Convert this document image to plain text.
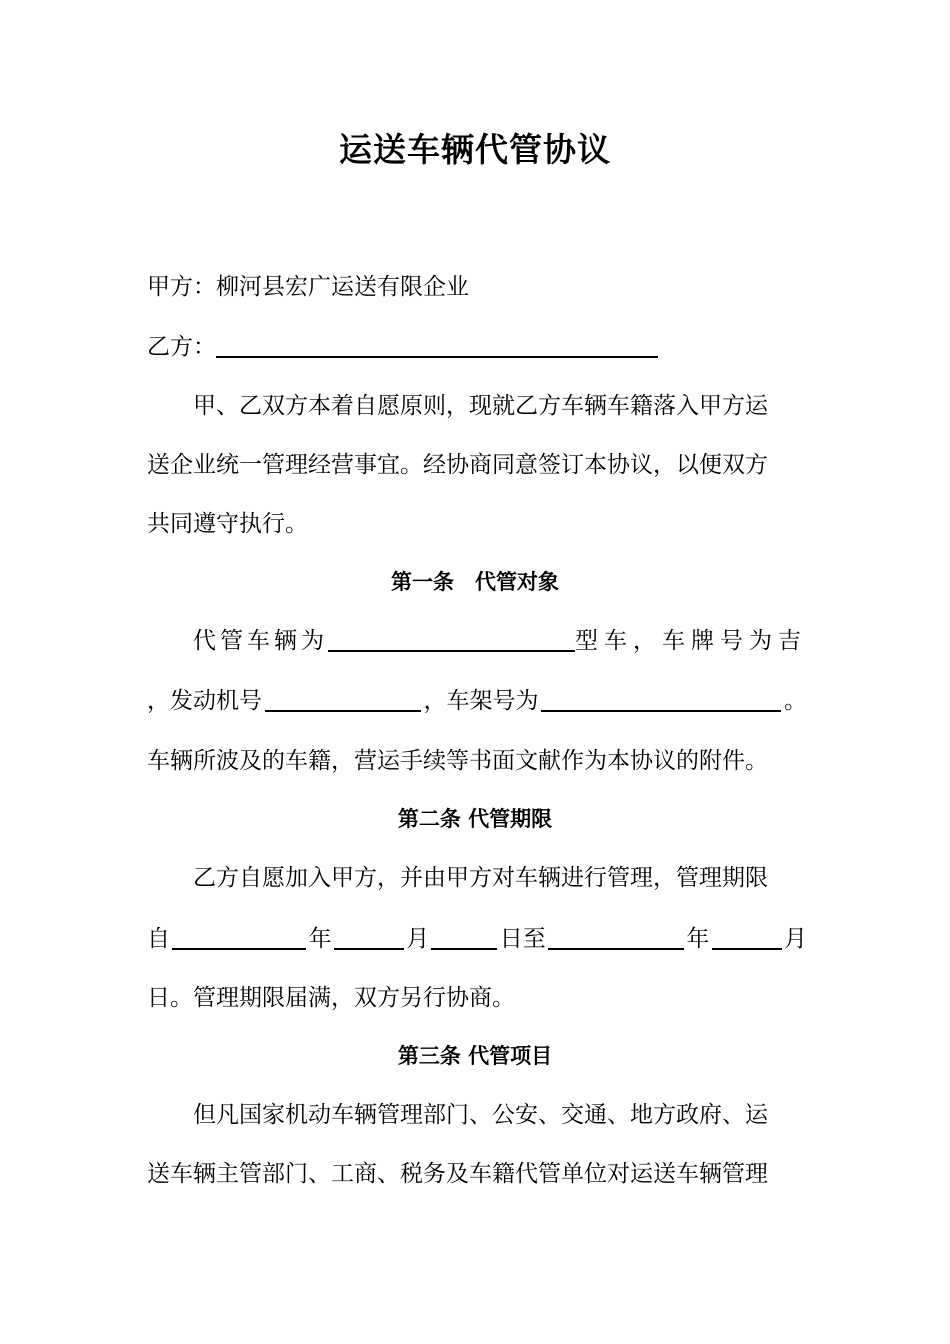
运送车辆代管协议
甲方：柳河县宏广运送有限企业
乙方：
甲、乙双方本着自愿原则，现就乙方车辆车籍落入甲方运
送企业统一管理经营事宜。经协商同意签订本协议，以便双方
共同遵守执行。
第一条　代管对象
代管车辆为	型车，车牌号为吉
，发动机号	，车架号为	。
车辆所波及的车籍，营运手续等书面文献作为本协议的附件。
第二条 代管期限
乙方自愿加入甲方，并由甲方对车辆进行管理，管理期限
自	年	月	日至	年	月
日。管理期限届满，双方另行协商。
第三条 代管项目
但凡国家机动车辆管理部门、公安、交通、地方政府、运
送车辆主管部门、工商、税务及车籍代管单位对运送车辆管理
